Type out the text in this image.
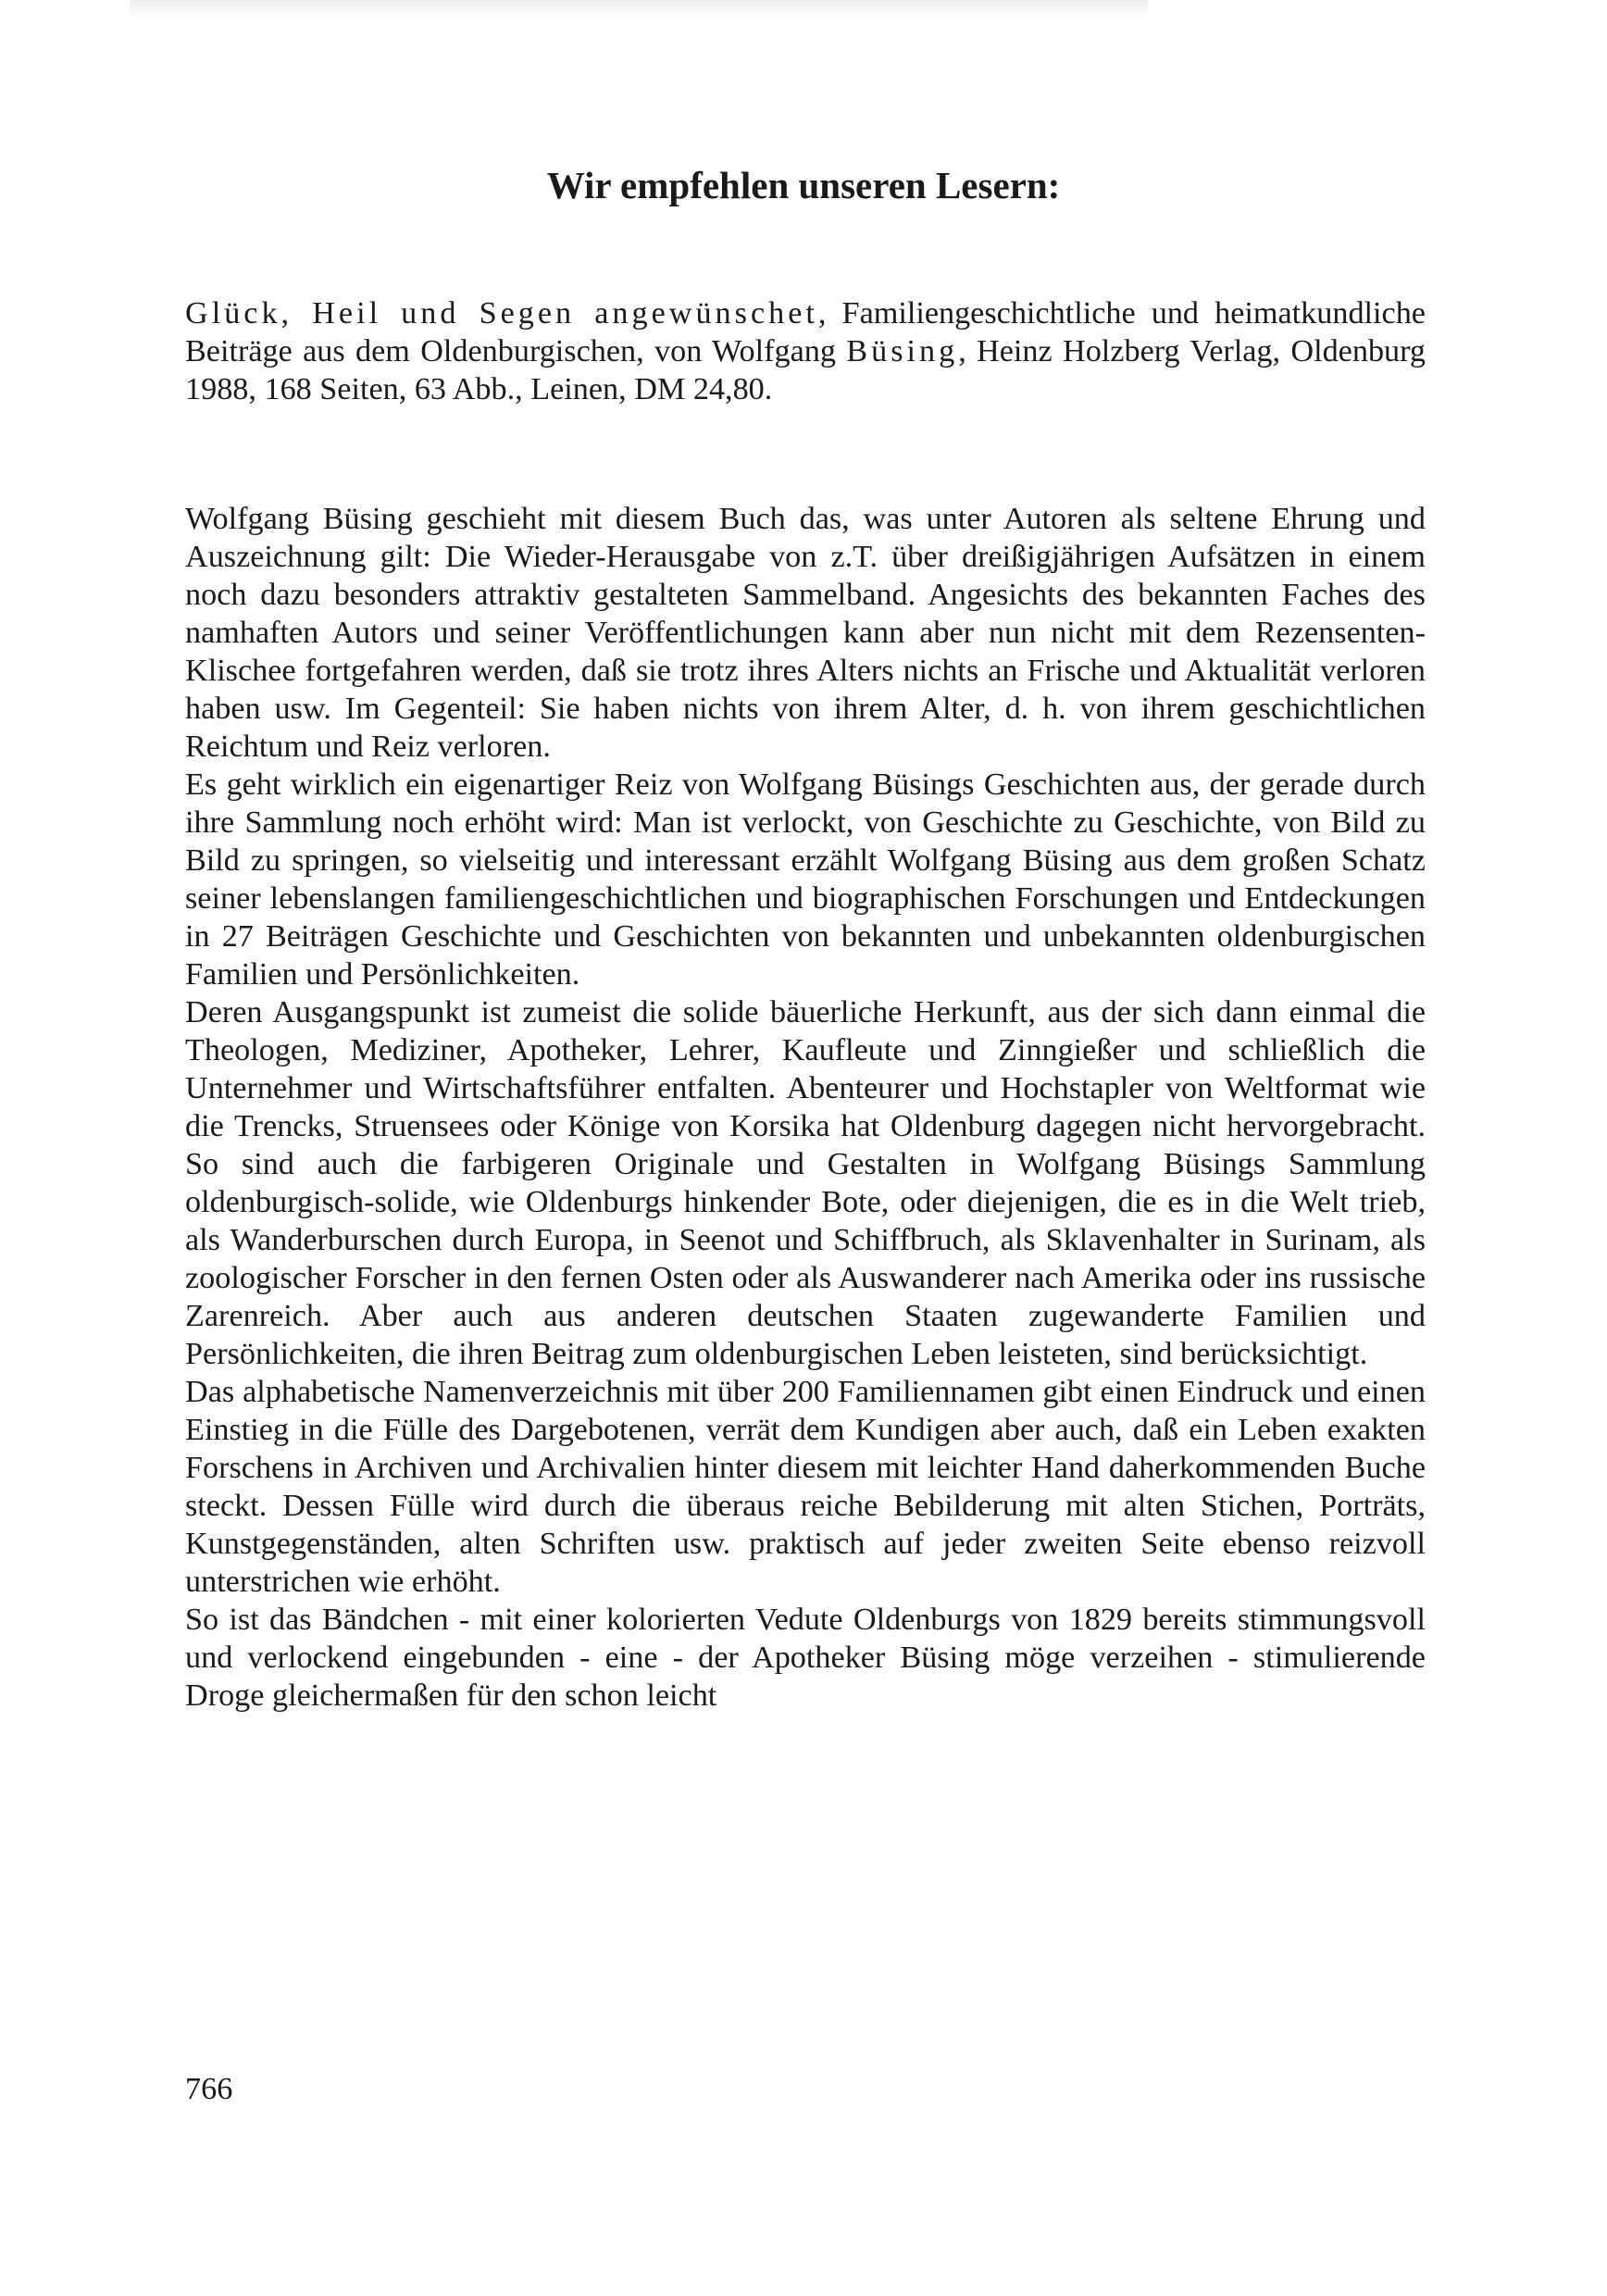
Wir empfehlen unseren Lesern:

Glück, Heil und Segen angewünschet, Familiengeschichtliche und heimatkundliche Beiträge aus dem Oldenburgischen, von Wolfgang Büsing, Heinz Holzberg Verlag, Oldenburg 1988, 168 Seiten, 63 Abb., Leinen, DM 24,80.

Wolfgang Büsing geschieht mit diesem Buch das, was unter Autoren als seltene Ehrung und Auszeichnung gilt: Die Wieder-Herausgabe von z.T. über dreißigjährigen Aufsätzen in einem noch dazu besonders attraktiv gestalteten Sammelband. Angesichts des bekannten Faches des namhaften Autors und seiner Veröffentlichungen kann aber nun nicht mit dem Rezensenten-Klischee fortgefahren werden, daß sie trotz ihres Alters nichts an Frische und Aktualität verloren haben usw. Im Gegenteil: Sie haben nichts von ihrem Alter, d. h. von ihrem geschichtlichen Reichtum und Reiz verloren.

Es geht wirklich ein eigenartiger Reiz von Wolfgang Büsings Geschichten aus, der gerade durch ihre Sammlung noch erhöht wird: Man ist verlockt, von Geschichte zu Geschichte, von Bild zu Bild zu springen, so vielseitig und interessant erzählt Wolfgang Büsing aus dem großen Schatz seiner lebenslangen familiengeschichtlichen und biographischen Forschungen und Entdeckungen in 27 Beiträgen Geschichte und Geschichten von bekannten und unbekannten oldenburgischen Familien und Persönlichkeiten.

Deren Ausgangspunkt ist zumeist die solide bäuerliche Herkunft, aus der sich dann einmal die Theologen, Mediziner, Apotheker, Lehrer, Kaufleute und Zinngießer und schließlich die Unternehmer und Wirtschaftsführer entfalten. Abenteurer und Hochstapler von Weltformat wie die Trencks, Struensees oder Könige von Korsika hat Oldenburg dagegen nicht hervorgebracht. So sind auch die farbigeren Originale und Gestalten in Wolfgang Büsings Sammlung oldenburgisch-solide, wie Oldenburgs hinkender Bote, oder diejenigen, die es in die Welt trieb, als Wanderburschen durch Europa, in Seenot und Schiffbruch, als Sklavenhalter in Surinam, als zoologischer Forscher in den fernen Osten oder als Auswanderer nach Amerika oder ins russische Zarenreich. Aber auch aus anderen deutschen Staaten zugewanderte Familien und Persönlichkeiten, die ihren Beitrag zum oldenburgischen Leben leisteten, sind berücksichtigt.

Das alphabetische Namenverzeichnis mit über 200 Familiennamen gibt einen Eindruck und einen Einstieg in die Fülle des Dargebotenen, verrät dem Kundigen aber auch, daß ein Leben exakten Forschens in Archiven und Archivalien hinter diesem mit leichter Hand daherkommenden Buche steckt. Dessen Fülle wird durch die überaus reiche Bebilderung mit alten Stichen, Porträts, Kunstgegenständen, alten Schriften usw. praktisch auf jeder zweiten Seite ebenso reizvoll unterstrichen wie erhöht.

So ist das Bändchen - mit einer kolorierten Vedute Oldenburgs von 1829 bereits stimmungsvoll und verlockend eingebunden - eine - der Apotheker Büsing möge verzeihen - stimulierende Droge gleichermaßen für den schon leicht

766
